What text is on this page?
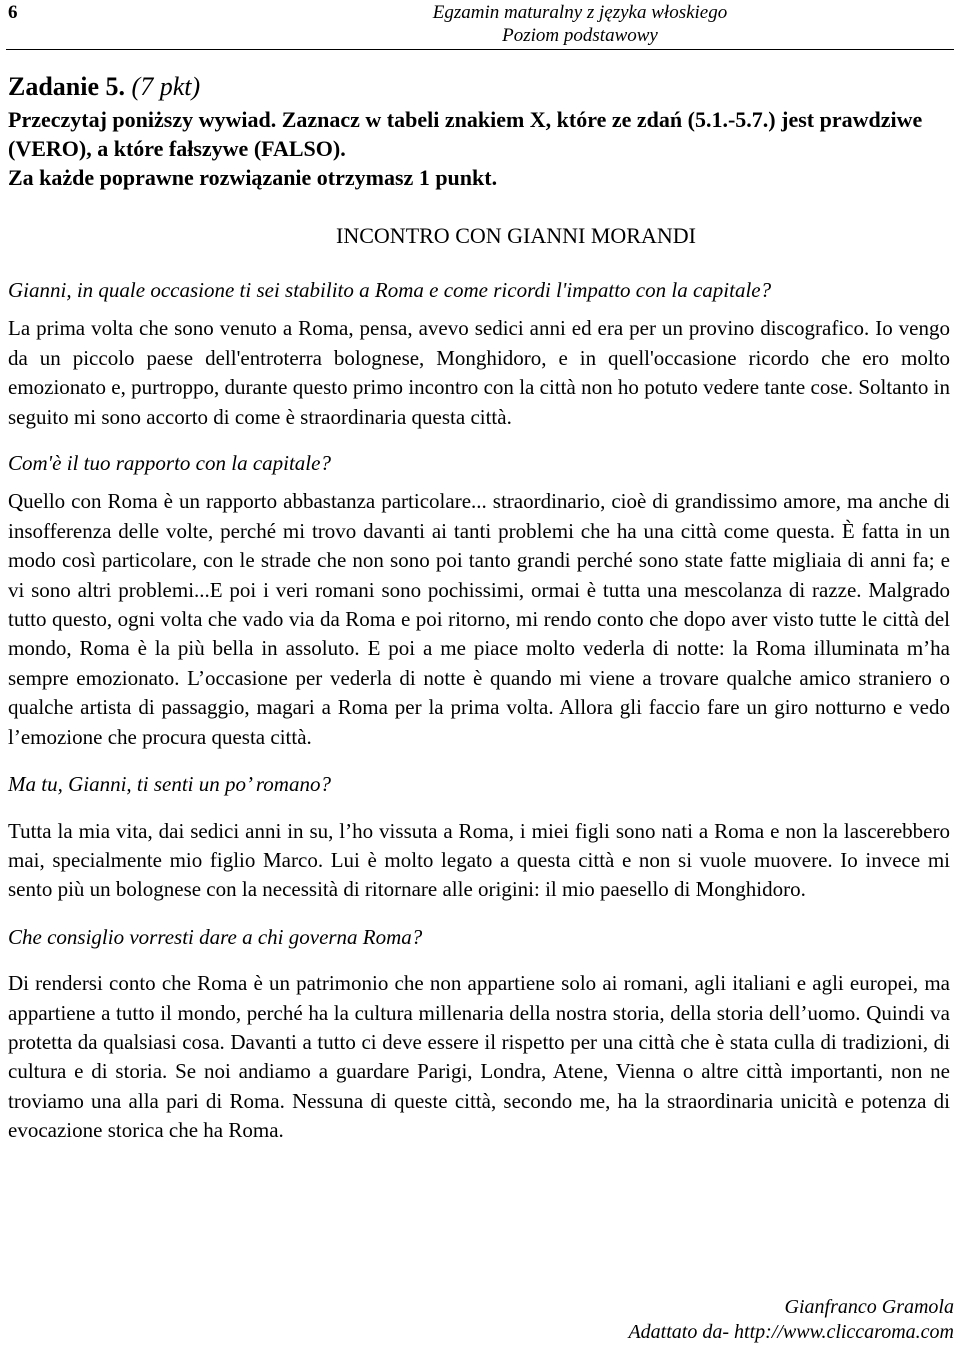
6	Egzamin maturalny z języka włoskiego
Poziom podstawowy
Zadanie 5. (7 pkt)
Przeczytaj poniższy wywiad. Zaznacz w tabeli znakiem X, które ze zdań (5.1.-5.7.) jest prawdziwe (VERO), a które fałszywe (FALSO).
Za każde poprawne rozwiązanie otrzymasz 1 punkt.
INCONTRO CON GIANNI MORANDI

Gianni, in quale occasione ti sei stabilito a Roma e come ricordi l'impatto con la capitale?

La prima volta che sono venuto a Roma, pensa, avevo sedici anni ed era per un provino discografico. Io vengo da un piccolo paese dell'entroterra bolognese, Monghidoro, e in quell'occasione ricordo che ero molto emozionato e, purtroppo, durante questo primo incontro con la città non ho potuto vedere tante cose. Soltanto in seguito mi sono accorto di come è straordinaria questa città.

Com'è il tuo rapporto con la capitale?

Quello con Roma è un rapporto abbastanza particolare... straordinario, cioè di grandissimo amore, ma anche di insofferenza delle volte, perché mi trovo davanti ai tanti problemi che ha una città come questa. È fatta in un modo così particolare, con le strade che non sono poi tanto grandi perché sono state fatte migliaia di anni fa; e vi sono altri problemi...E poi i veri romani sono pochissimi, ormai è tutta una mescolanza di razze. Malgrado tutto questo, ogni volta che vado via da Roma e poi ritorno, mi rendo conto che dopo aver visto tutte le città del mondo, Roma è la più bella in assoluto. E poi a me piace molto vederla di notte: la Roma illuminata m’ha sempre emozionato. L’occasione per vederla di notte è quando mi viene a trovare qualche amico straniero o qualche artista di passaggio, magari a Roma per la prima volta. Allora gli faccio fare un giro notturno e vedo l’emozione che procura questa città.

Ma tu, Gianni, ti senti un po’ romano?

Tutta la mia vita, dai sedici anni in su, l’ho vissuta a Roma, i miei figli sono nati a Roma e non la lascerebbero mai, specialmente mio figlio Marco. Lui è molto legato a questa città e non si vuole muovere. Io invece mi sento più un bolognese con la necessità di ritornare alle origini: il mio paesello di Monghidoro.

Che consiglio vorresti dare a chi governa Roma?

Di rendersi conto che Roma è un patrimonio che non appartiene solo ai romani, agli italiani e agli europei, ma appartiene a tutto il mondo, perché ha la cultura millenaria della nostra storia, della storia dell’uomo. Quindi va protetta da qualsiasi cosa. Davanti a tutto ci deve essere il rispetto per una città che è stata culla di tradizioni, di cultura e di storia. Se noi andiamo a guardare Parigi, Londra, Atene, Vienna o altre città importanti, non ne troviamo una alla pari di Roma. Nessuna di queste città, secondo me, ha la straordinaria unicità e potenza di evocazione storica che ha Roma.

Gianfranco Gramola
Adattato da- http://www.cliccaroma.com
